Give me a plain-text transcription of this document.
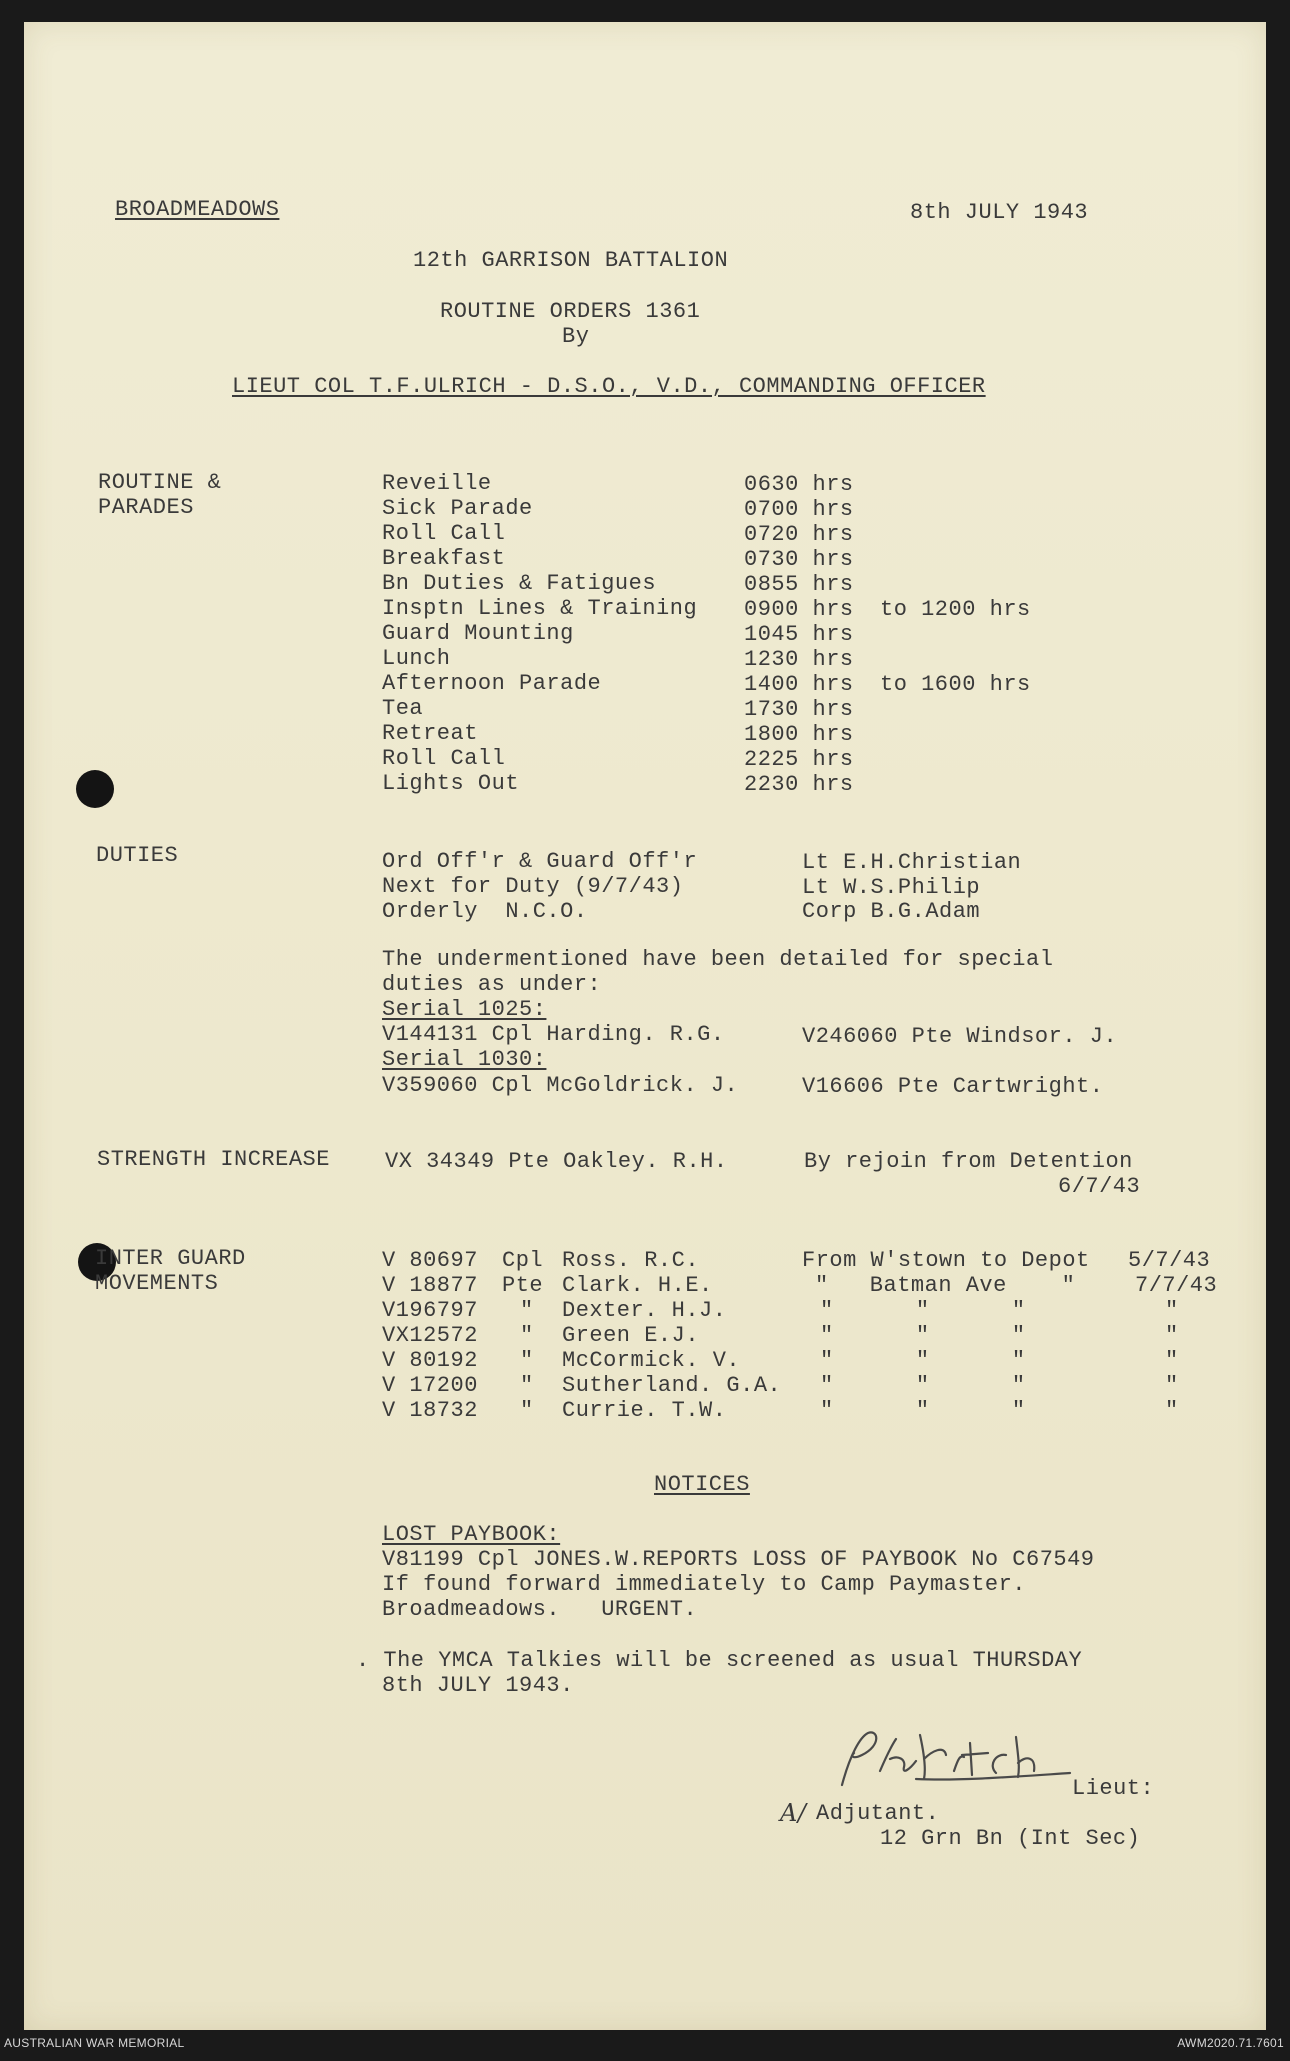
BROADMEADOWS	8th JULY 1943
12th GARRISON BATTALION
ROUTINE ORDERS 1361
By
LIEUT COL T.F.ULRICH - D.S.O., V.D., COMMANDING OFFICER
ROUTINE &
PARADES
Reveille	0630 hrs
Sick Parade	0700 hrs
Roll Call	0720 hrs
Breakfast	0730 hrs
Bn Duties & Fatigues	0855 hrs
Insptn Lines & Training 0900 hrs to 1200 hrs
Guard Mounting	1045 hrs
Lunch	1230 hrs
Afternoon Parade	1400 hrs to 1600 hrs
Tea	1730 hrs
Retreat	1800 hrs
Roll Call	2225 hrs
Lights Out	2230 hrs
DUTIES	Ord Off'r & Guard Off'r	Lt E.H.Christian
Next for Duty (9/7/43)	Lt W.S.Philip
Orderly  N.C.O.	Corp B.G.Adam
The undermentioned have been detailed for special
duties as under:
Serial 1025:
V144131 Cpl Harding. R.G.	V246060 Pte Windsor. J.
Serial 1030:
V359060 Cpl McGoldrick. J.	V16606 Pte Cartwright.
STRENGTH INCREASE	VX 34349 Pte Oakley. R.H.	By rejoin from Detention
6/7/43
INTER GUARD
MOVEMENTS
V 80697 Cpl Ross. R.C.	From W'stown to Depot 5/7/43
V 18877 Pte Clark. H.E.	"   Batman Ave    "	7/7/43
V196797 " Dexter. H.J.	"      "      "	"
VX12572 " Green E.J.	"      "      "	"
V 80192 " McCormick. V.	"      "      "	"
V 17200 " Sutherland. G.A. "      "      "	"
V 18732 " Currie. T.W.	"      "      "	"
NOTICES
LOST PAYBOOK:
V81199 Cpl JONES.W.REPORTS LOSS OF PAYBOOK No C67549
If found forward immediately to Camp Paymaster.
Broadmeadows.   URGENT.
. The YMCA Talkies will be screened as usual THURSDAY
8th JULY 1943.
Lieut:
A/ Adjutant.
12 Grn Bn (Int Sec)
AUSTRALIAN WAR MEMORIAL	AWM2020.71.7601
